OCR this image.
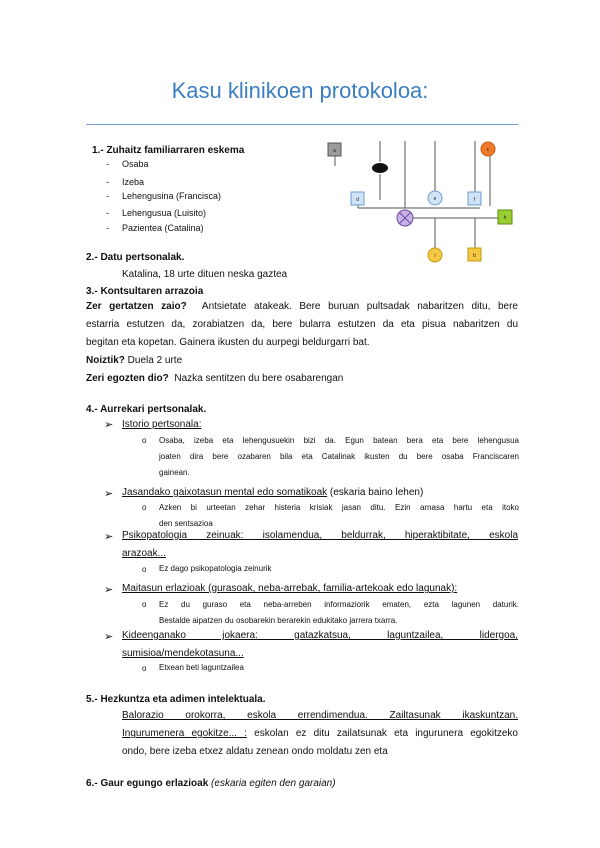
Kasu klinikoen protokoloa:
1.- Zuhaitz familiarraren eskema
- Osaba
- Izeba
- Lehengusina (Francisca)
- Lehengusua (Luisito)
- Pazientea (Catalina)
a	c
d	e	f
h
i	b
2.- Datu pertsonalak.
Katalina, 18 urte dituen neska gaztea
3.- Kontsultaren arrazoia
Zer gertatzen zaio? Antsietate atakeak. Bere buruan pultsadak nabaritzen ditu, bere
estarria estutzen da, zorabiatzen da, bere bularra estutzen da eta pisua nabaritzen du
begitan eta kopetan. Gainera ikusten du aurpegi beldurgarri bat.
Noiztik? Duela 2 urte
Zeri egozten dio? Nazka sentitzen du bere osabarengan
4.- Aurrekari pertsonalak.
➢ Istorio pertsonala:
o Osaba, izeba eta lehengusuekin bizi da. Egun batean bera eta bere lehengusua
joaten dira bere ozabaren bila eta Catalinak ikusten du bere osaba Franciscaren
gainean.
➢ Jasandako gaixotasun mental edo somatikoak (eskaria baino lehen)
o Azken bi urteetan zehar histeria krisiak jasan ditu. Ezin arnasa hartu eta itoko
den sentsazioa
➢ Psikopatologia zeinuak: isolamendua, beldurrak, hiperaktibitate, eskola
arazoak...
o Ez dago psikopatologia zeinurik
➢ Maitasun erlazioak (gurasoak, neba-arrebak, familia-artekoak edo lagunak):
o Ez du guraso eta neba-arreben informaziorik ematen, ezta lagunen daturik.
Bestalde aipatzen du osobarekin berarekin edukitako jarrera txarra.
➢ Kideenganako jokaera: gatazkatsua, laguntzailea, lidergoa,
sumisioa/mendekotasuna...
o Etxean beti laguntzailea
5.- Hezkuntza eta adimen intelektuala.
Balorazio orokorra, eskola errendimendua. Zailtasunak ikaskuntzan.
Ingurumenera egokitze... : eskolan ez ditu zailatsunak eta ingurunera egokitzeko
ondo, bere izeba etxez aldatu zenean ondo moldatu zen eta
6.- Gaur egungo erlazioak (eskaria egiten den garaian)
